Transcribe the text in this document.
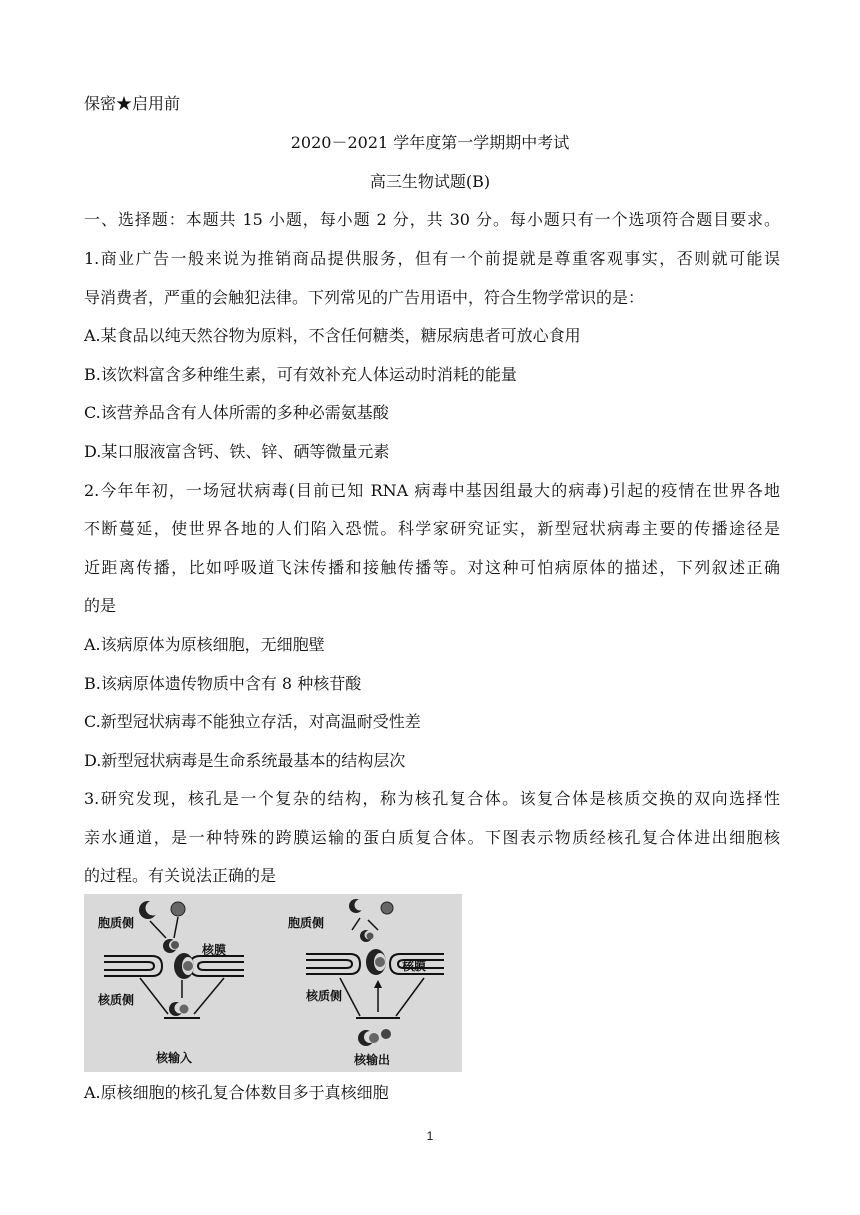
保密★启用前
2020－2021 学年度第一学期期中考试
高三生物试题(B)
一、选择题：本题共 15 小题，每小题 2 分，共 30 分。每小题只有一个选项符合题目要求。
1.商业广告一般来说为推销商品提供服务，但有一个前提就是尊重客观事实，否则就可能误
导消费者，严重的会触犯法律。下列常见的广告用语中，符合生物学常识的是：
A.某食品以纯天然谷物为原料，不含任何糖类，糖尿病患者可放心食用
B.该饮料富含多种维生素，可有效补充人体运动时消耗的能量
C.该营养品含有人体所需的多种必需氨基酸
D.某口服液富含钙、铁、锌、硒等微量元素
2.今年年初，一场冠状病毒(目前已知 RNA 病毒中基因组最大的病毒)引起的疫情在世界各地
不断蔓延，使世界各地的人们陷入恐慌。科学家研究证实，新型冠状病毒主要的传播途径是
近距离传播，比如呼吸道飞沫传播和接触传播等。对这种可怕病原体的描述，下列叙述正确
的是
A.该病原体为原核细胞，无细胞壁
B.该病原体遗传物质中含有 8 种核苷酸
C.新型冠状病毒不能独立存活，对高温耐受性差
D.新型冠状病毒是生命系统最基本的结构层次
3.研究发现，核孔是一个复杂的结构，称为核孔复合体。该复合体是核质交换的双向选择性
亲水通道，是一种特殊的跨膜运输的蛋白质复合体。下图表示物质经核孔复合体进出细胞核
的过程。有关说法正确的是
胞质侧
核膜
核质侧
核输入
胞质侧
核膜
核质侧
核输出
A.原核细胞的核孔复合体数目多于真核细胞
1
